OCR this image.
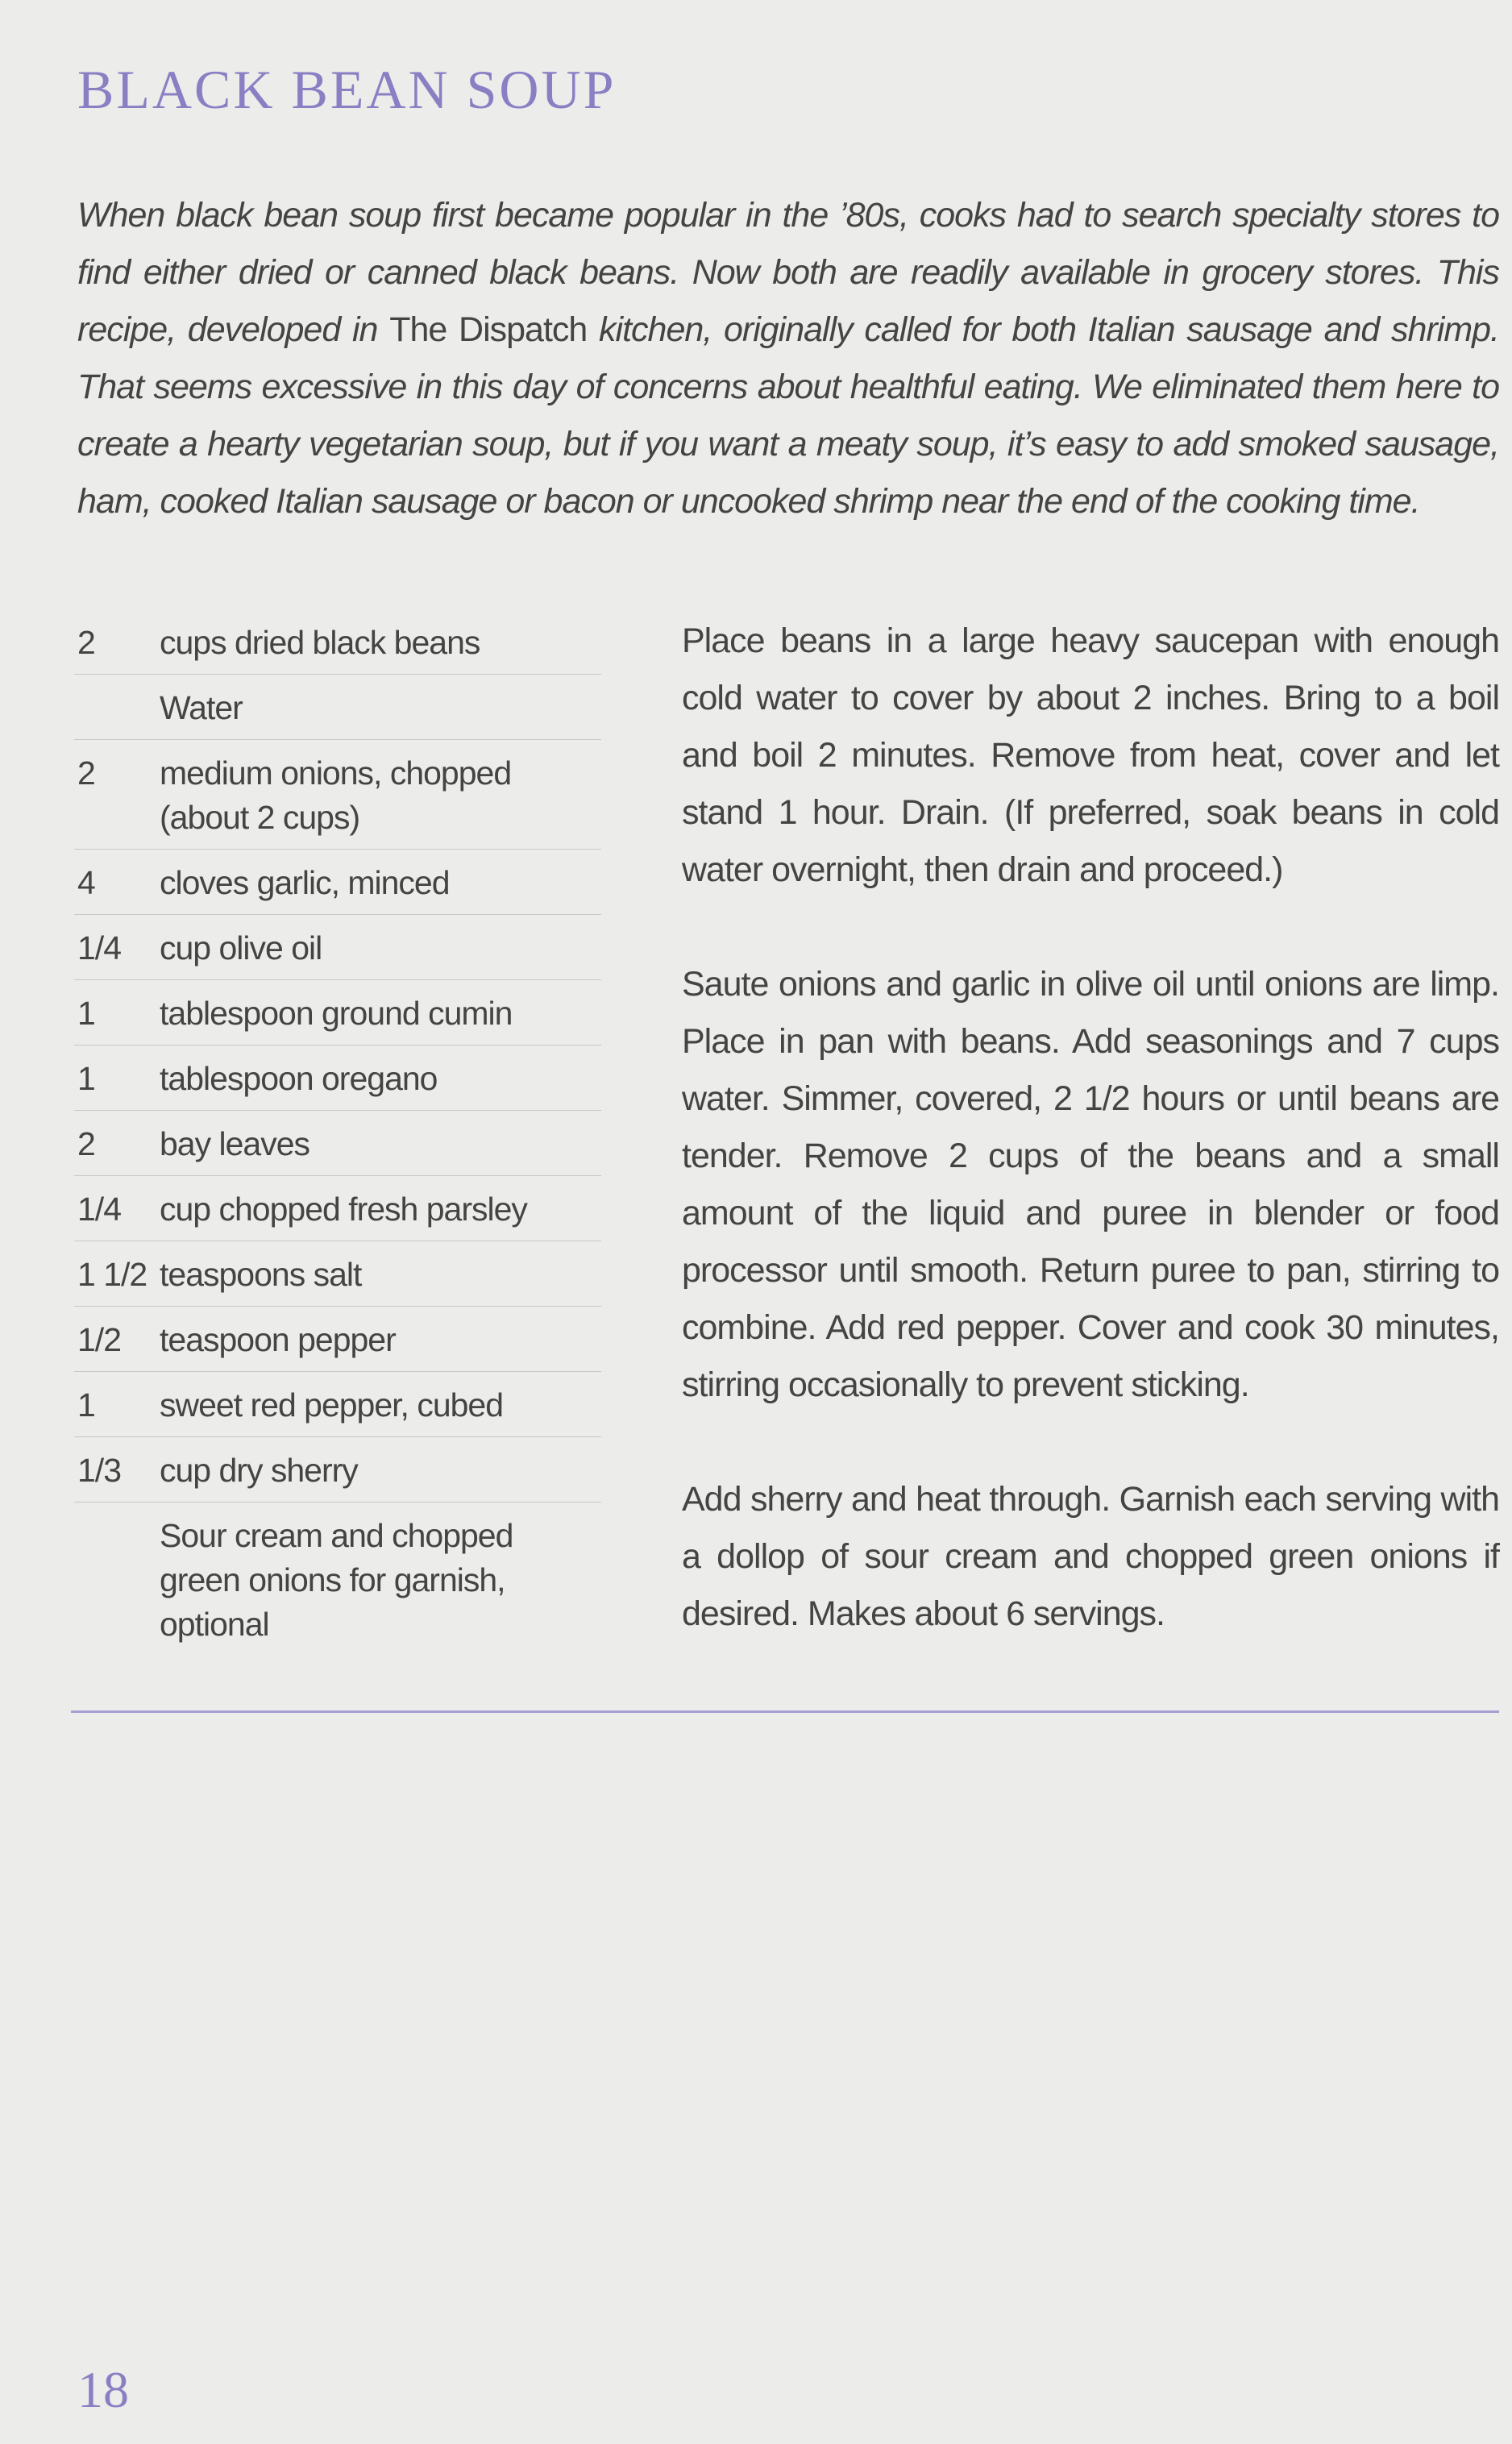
BLACK BEAN SOUP

When black bean soup first became popular in the ’80s, cooks had to search specialty stores to find either dried or canned black beans. Now both are readily available in grocery stores. This recipe, developed in The Dispatch kitchen, originally called for both Italian sausage and shrimp. That seems excessive in this day of concerns about healthful eating. We eliminated them here to create a hearty vegetarian soup, but if you want a meaty soup, it’s easy to add smoked sausage, ham, cooked Italian sausage or bacon or uncooked shrimp near the end of the cooking time.

2	cups dried black beans
Water
2	medium onions, chopped (about 2 cups)
4	cloves garlic, minced
1/4	cup olive oil
1	tablespoon ground cumin
1	tablespoon oregano
2	bay leaves
1/4	cup chopped fresh parsley
1 1/2 teaspoons salt
1/2	teaspoon pepper
1	sweet red pepper, cubed
1/3	cup dry sherry
Sour cream and chopped green onions for garnish, optional

Place beans in a large heavy saucepan with enough cold water to cover by about 2 inches. Bring to a boil and boil 2 minutes. Remove from heat, cover and let stand 1 hour. Drain. (If preferred, soak beans in cold water overnight, then drain and proceed.)

Saute onions and garlic in olive oil until onions are limp. Place in pan with beans. Add seasonings and 7 cups water. Simmer, covered, 2 1/2 hours or until beans are tender. Remove 2 cups of the beans and a small amount of the liquid and puree in blender or food processor until smooth. Return puree to pan, stirring to combine. Add red pepper. Cover and cook 30 minutes, stirring occasionally to prevent sticking.

Add sherry and heat through. Garnish each serving with a dollop of sour cream and chopped green onions if desired. Makes about 6 servings.

18
